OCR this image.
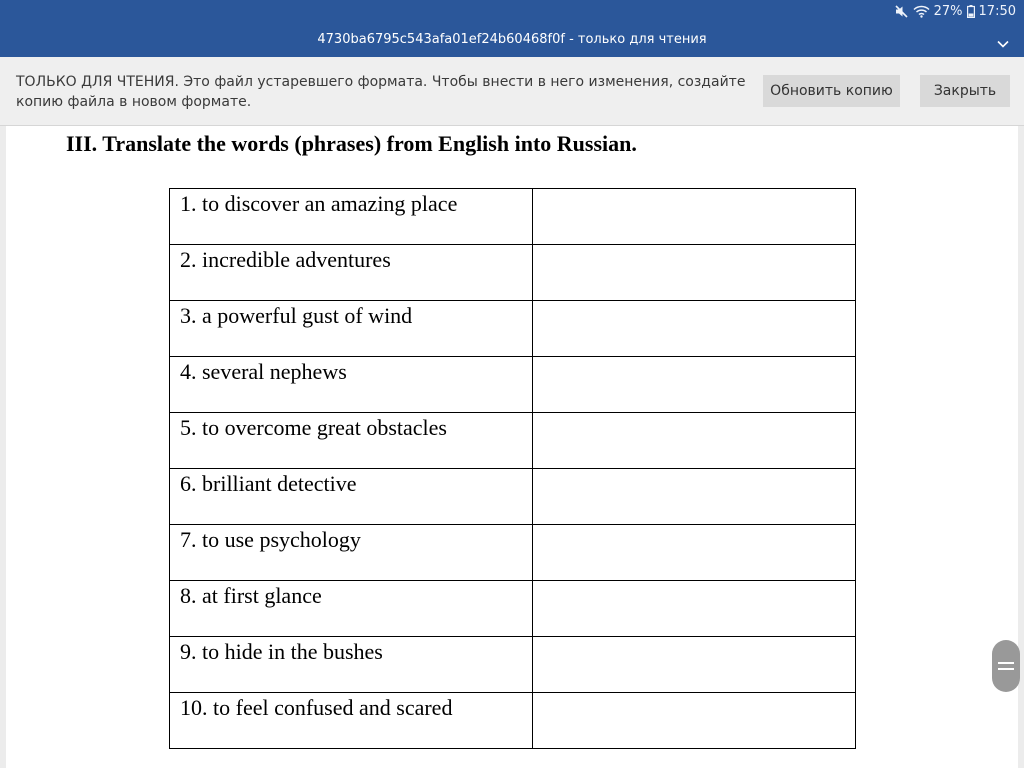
27% 17:50
4730ba6795c543afa01ef24b60468f0f - только для чтения
ТОЛЬКО ДЛЯ ЧТЕНИЯ. Это файл устаревшего формата. Чтобы внести в него изменения, создайте копию файла в новом формате.
Обновить копию	Закрыть
III. Translate the words (phrases) from English into Russian.
1. to discover an amazing place	
2. incredible adventures	
3. a powerful gust of wind	
4. several nephews	
5. to overcome great obstacles	
6. brilliant detective	
7. to use psychology	
8. at first glance	
9. to hide in the bushes	
10. to feel confused and scared	
